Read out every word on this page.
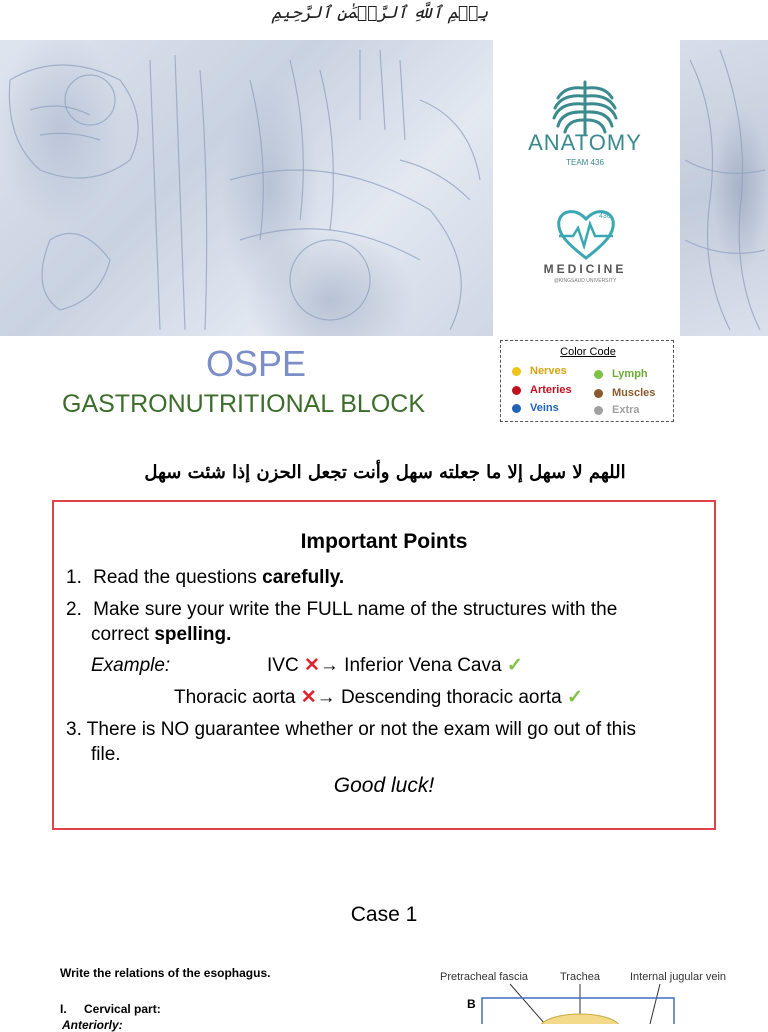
بِسۡمِ ٱللَّهِ ٱلرَّحۡمَٰنِ ٱلرَّحِيمِ
ANATOMY
TEAM 436
436
MEDICINE
@KINGSAUD UNIVERSITY
OSPE
GASTRONUTRITIONAL BLOCK
Color Code
Nerves
Arteries
Veins
Lymph
Muscles
Extra
اللهم لا سهل إلا ما جعلته سهل وأنت تجعل الحزن إذا شئت سهل
Important Points
1. Read the questions carefully.
2. Make sure your write the FULL name of the structures with the
correct spelling.
Example:	IVC ✕→ Inferior Vena Cava ✓
Thoracic aorta ✕→ Descending thoracic aorta ✓
3. There is NO guarantee whether or not the exam will go out of this
file.
Good luck!
Case 1
Write the relations of the esophagus.
I. Cervical part:
Anteriorly:
Pretracheal fascia	Trachea	Internal jugular vein
B
